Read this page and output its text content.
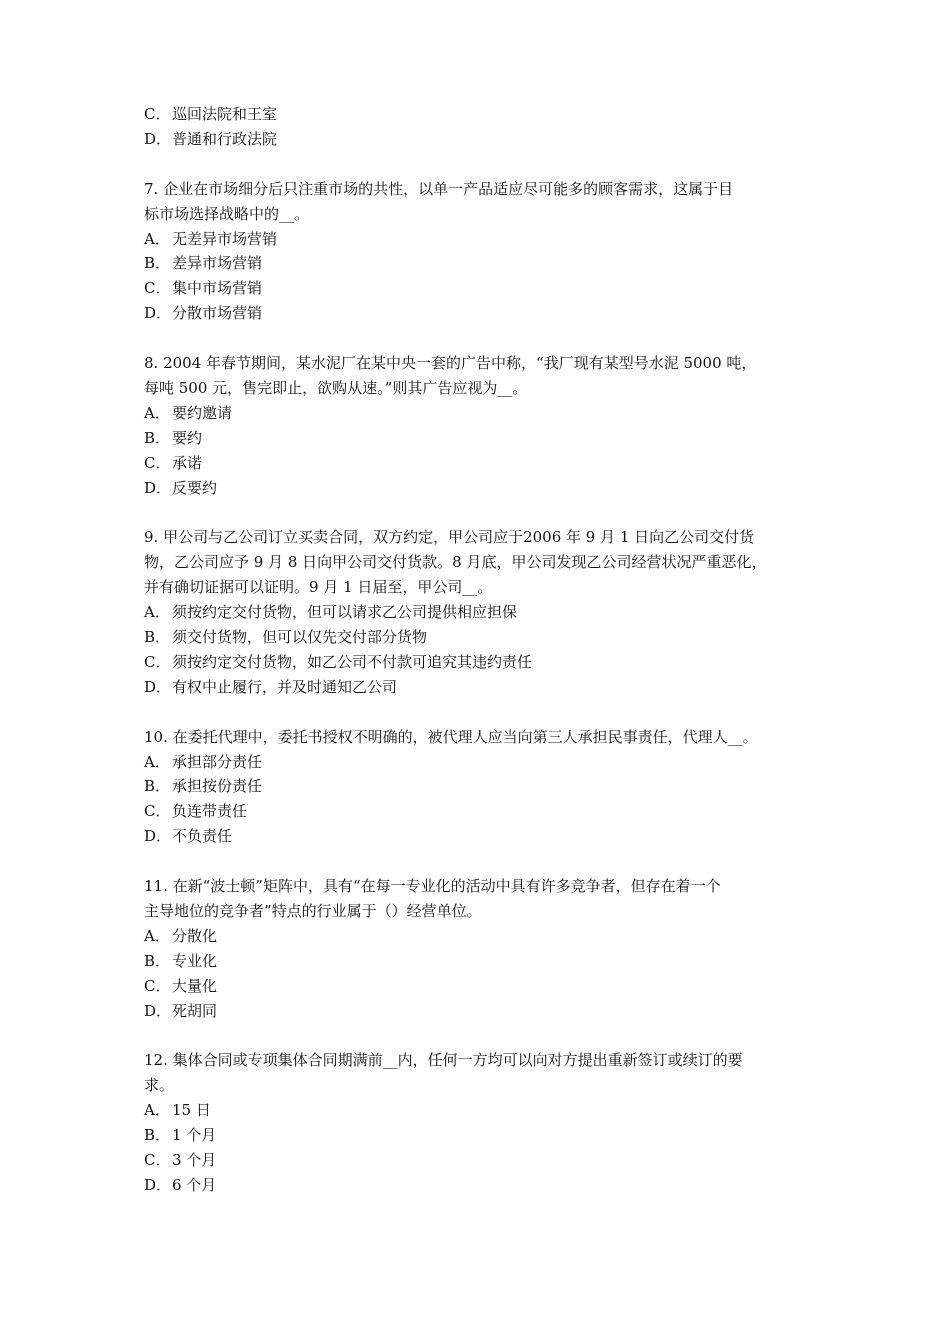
C． 巡回法院和王室
D．普通和行政法院
7. 企业在市场细分后只注重市场的共性，以单一产品适应尽可能多的顾客需求，这属于目
标市场选择战略中的__。
A． 无差异市场营销
B． 差异市场营销
C． 集中市场营销
D．分散市场营销
8. 2004 年春节期间，某水泥厂在某中央一套的广告中称，“我厂现有某型号水泥 5000 吨，
每吨 500 元，售完即止，欲购从速。”则其广告应视为__。
A． 要约邀请
B． 要约
C． 承诺
D．反要约
9. 甲公司与乙公司订立买卖合同，双方约定，甲公司应于2006 年 9 月 1 日向乙公司交付货
物，乙公司应予 9 月 8 日向甲公司交付货款。8 月底，甲公司发现乙公司经营状况严重恶化，
并有确切证据可以证明。9 月 1 日届至，甲公司__。
A． 须按约定交付货物，但可以请求乙公司提供相应担保
B． 须交付货物，但可以仅先交付部分货物
C． 须按约定交付货物，如乙公司不付款可追究其违约责任
D．有权中止履行，并及时通知乙公司
10. 在委托代理中，委托书授权不明确的，被代理人应当向第三人承担民事责任，代理人__。
A． 承担部分责任
B． 承担按份责任
C． 负连带责任
D．不负责任
11. 在新“波士顿”矩阵中，具有“在每一专业化的活动中具有许多竞争者，但存在着一个
主导地位的竞争者”特点的行业属于（）经营单位。
A． 分散化
B． 专业化
C． 大量化
D．死胡同
12. 集体合同或专项集体合同期满前__内，任何一方均可以向对方提出重新签订或续订的要
求。
A． 15 日
B． 1 个月
C． 3 个月
D．6 个月
